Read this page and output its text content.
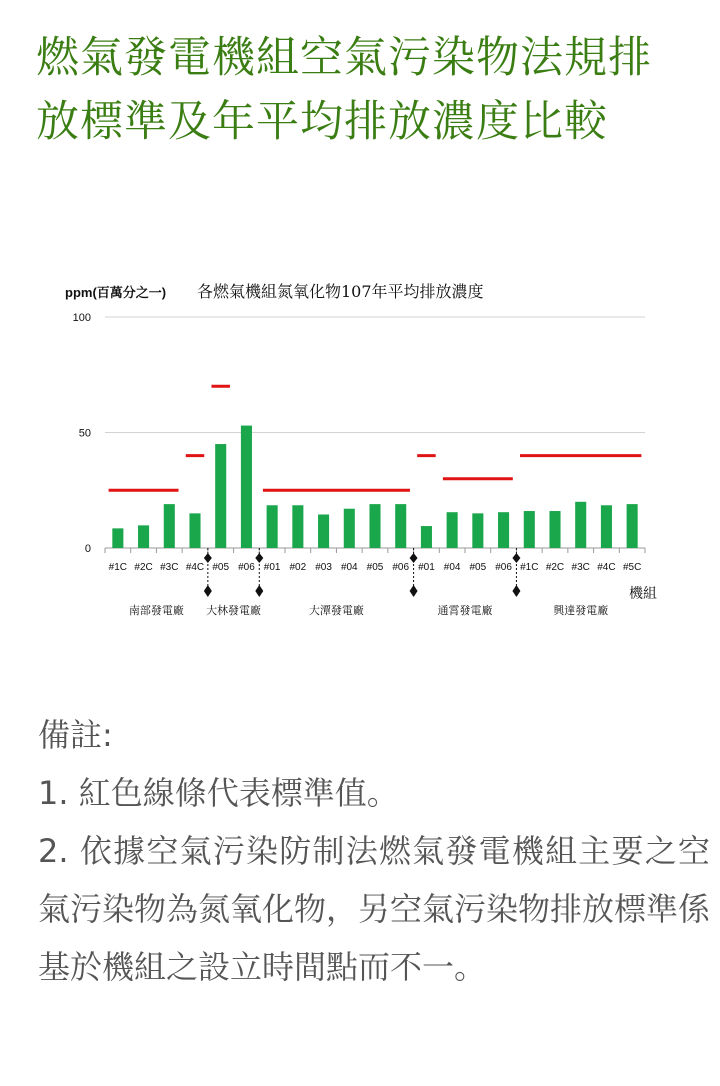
燃氣發電機組空氣污染物法規排放標準及年平均排放濃度比較
0
50
100
#1C #2C #3C #4C #05 #06 #01 #02 #03 #04 #05 #06 #01 #04 #05 #06 #1C #2C #3C #4C #5C
南部發電廠 大林發電廠	大潭發電廠	通霄發電廠	興達發電廠
ppm(百萬分之一) 各燃氣機組氮氧化物107年平均排放濃度
機組

備註:

1. 紅色線條代表標準值。

2. 依據空氣污染防制法燃氣發電機組主要之空氣污染物為氮氧化物，另空氣污染物排放標準係基於機組之設立時間點而不一。
